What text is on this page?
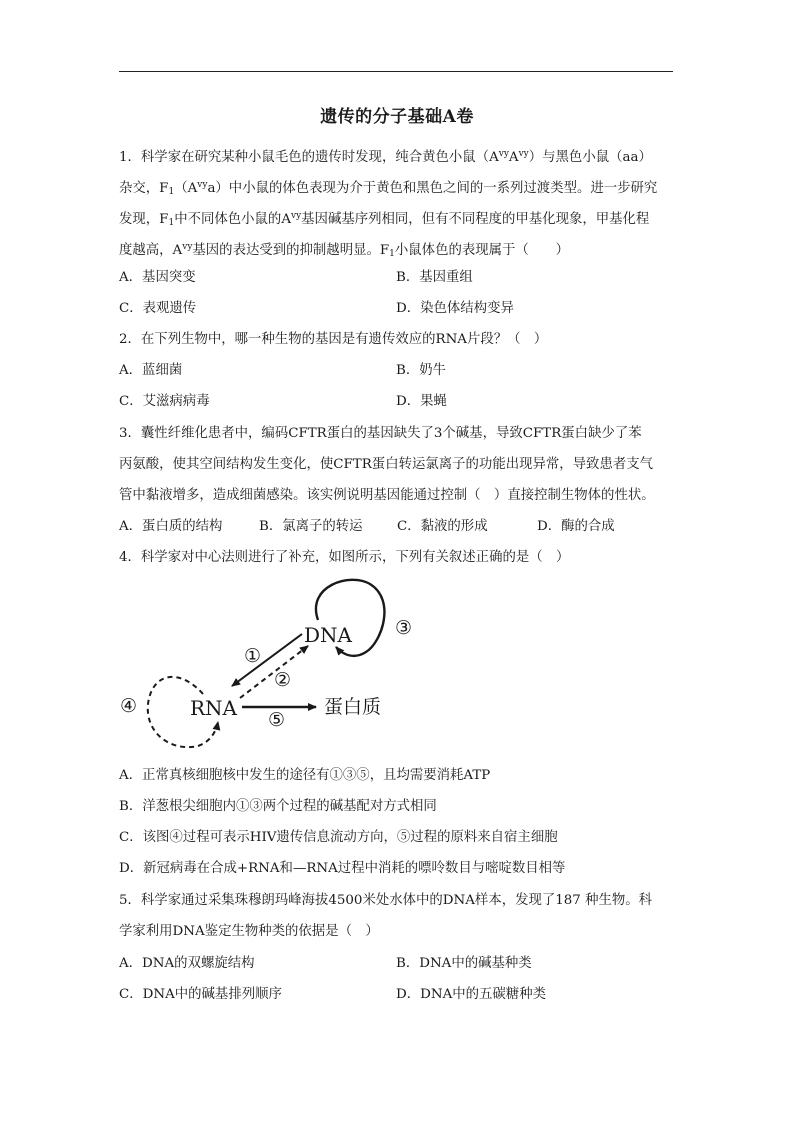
遗传的分子基础A卷
1．科学家在研究某种小鼠毛色的遗传时发现，纯合黄色小鼠$(A^{vy}A^{vy})$与黑色小鼠（aa）
杂交，$F_1(A^{vy}a)$中小鼠的体色表现为介于黄色和黑色之间的一系列过渡类型。进一步研究
发现，$F_1$中不同体色小鼠的$A^{vy}$基因碱基序列相同，但有不同程度的甲基化现象，甲基化程
度越高，$A^{vy}$基因的表达受到的抑制越明显。$F_1$小鼠体色的表现属于（　　）
A．基因突变	B．基因重组
C．表观遗传	D．染色体结构变异
2．在下列生物中，哪一种生物的基因是有遗传效应的RNA片段？（　）
A．蓝细菌	B．奶牛
C．艾滋病病毒	D．果蝇
3．囊性纤维化患者中，编码CFTR蛋白的基因缺失了3个碱基，导致CFTR蛋白缺少了苯
丙氨酸，使其空间结构发生变化，使CFTR蛋白转运氯离子的功能出现异常，导致患者支气
管中黏液增多，造成细菌感染。该实例说明基因能通过控制（　）直接控制生物体的性状。
A．蛋白质的结构	B．氯离子的转运	C．黏液的形成	D．酶的合成
4．科学家对中心法则进行了补充，如图所示，下列有关叙述正确的是（　）
DNA
RNA	蛋白质
①
②
③
④
⑤
A．正常真核细胞核中发生的途径有①③⑤，且均需要消耗ATP
B．洋葱根尖细胞内①③两个过程的碱基配对方式相同
C．该图④过程可表示HIV遗传信息流动方向，⑤过程的原料来自宿主细胞
D．新冠病毒在合成+RNA和—RNA过程中消耗的嘌呤数目与嘧啶数目相等
5．科学家通过采集珠穆朗玛峰海拔4500米处水体中的DNA样本，发现了187 种生物。科
学家利用DNA鉴定生物种类的依据是（　）
A．DNA的双螺旋结构	B．DNA中的碱基种类
C．DNA中的碱基排列顺序	D．DNA中的五碳糖种类
